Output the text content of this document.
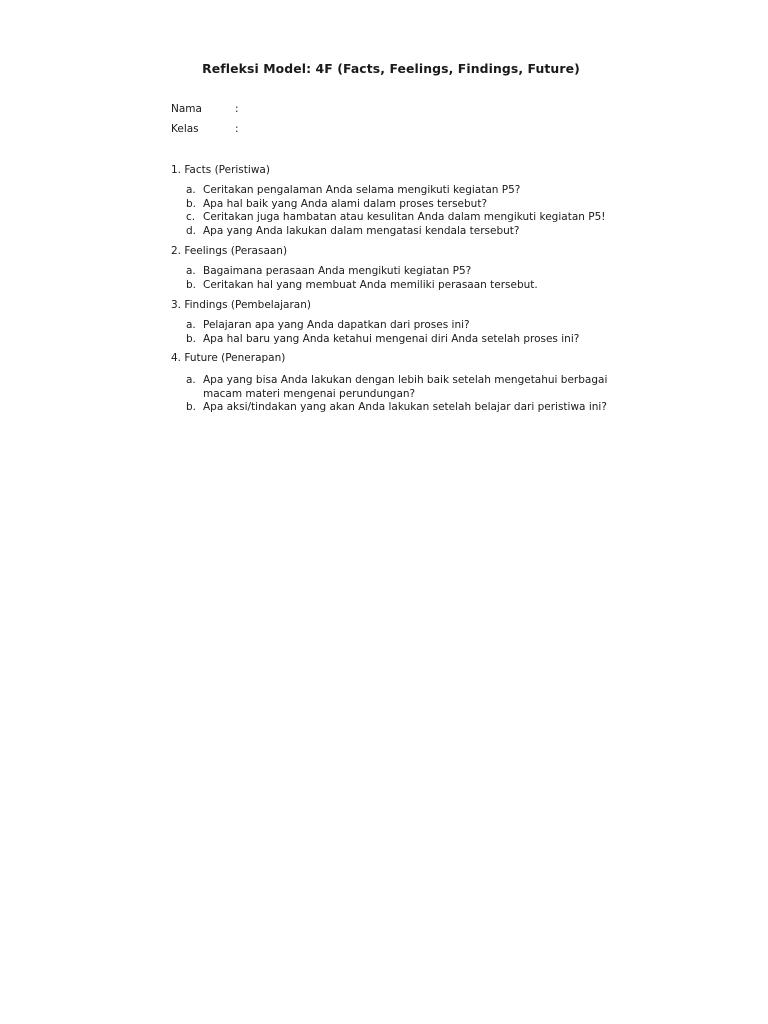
Refleksi Model: 4F (Facts, Feelings, Findings, Future)
Nama	:
Kelas	:
1. Facts (Peristiwa)
a. Ceritakan pengalaman Anda selama mengikuti kegiatan P5?
b. Apa hal baik yang Anda alami dalam proses tersebut?
c. Ceritakan juga hambatan atau kesulitan Anda dalam mengikuti kegiatan P5!
d. Apa yang Anda lakukan dalam mengatasi kendala tersebut?
2. Feelings (Perasaan)
a. Bagaimana perasaan Anda mengikuti kegiatan P5?
b. Ceritakan hal yang membuat Anda memiliki perasaan tersebut.
3. Findings (Pembelajaran)
a. Pelajaran apa yang Anda dapatkan dari proses ini?
b. Apa hal baru yang Anda ketahui mengenai diri Anda setelah proses ini?
4. Future (Penerapan)
a. Apa yang bisa Anda lakukan dengan lebih baik setelah mengetahui berbagai macam materi mengenai perundungan?
b. Apa aksi/tindakan yang akan Anda lakukan setelah belajar dari peristiwa ini?
